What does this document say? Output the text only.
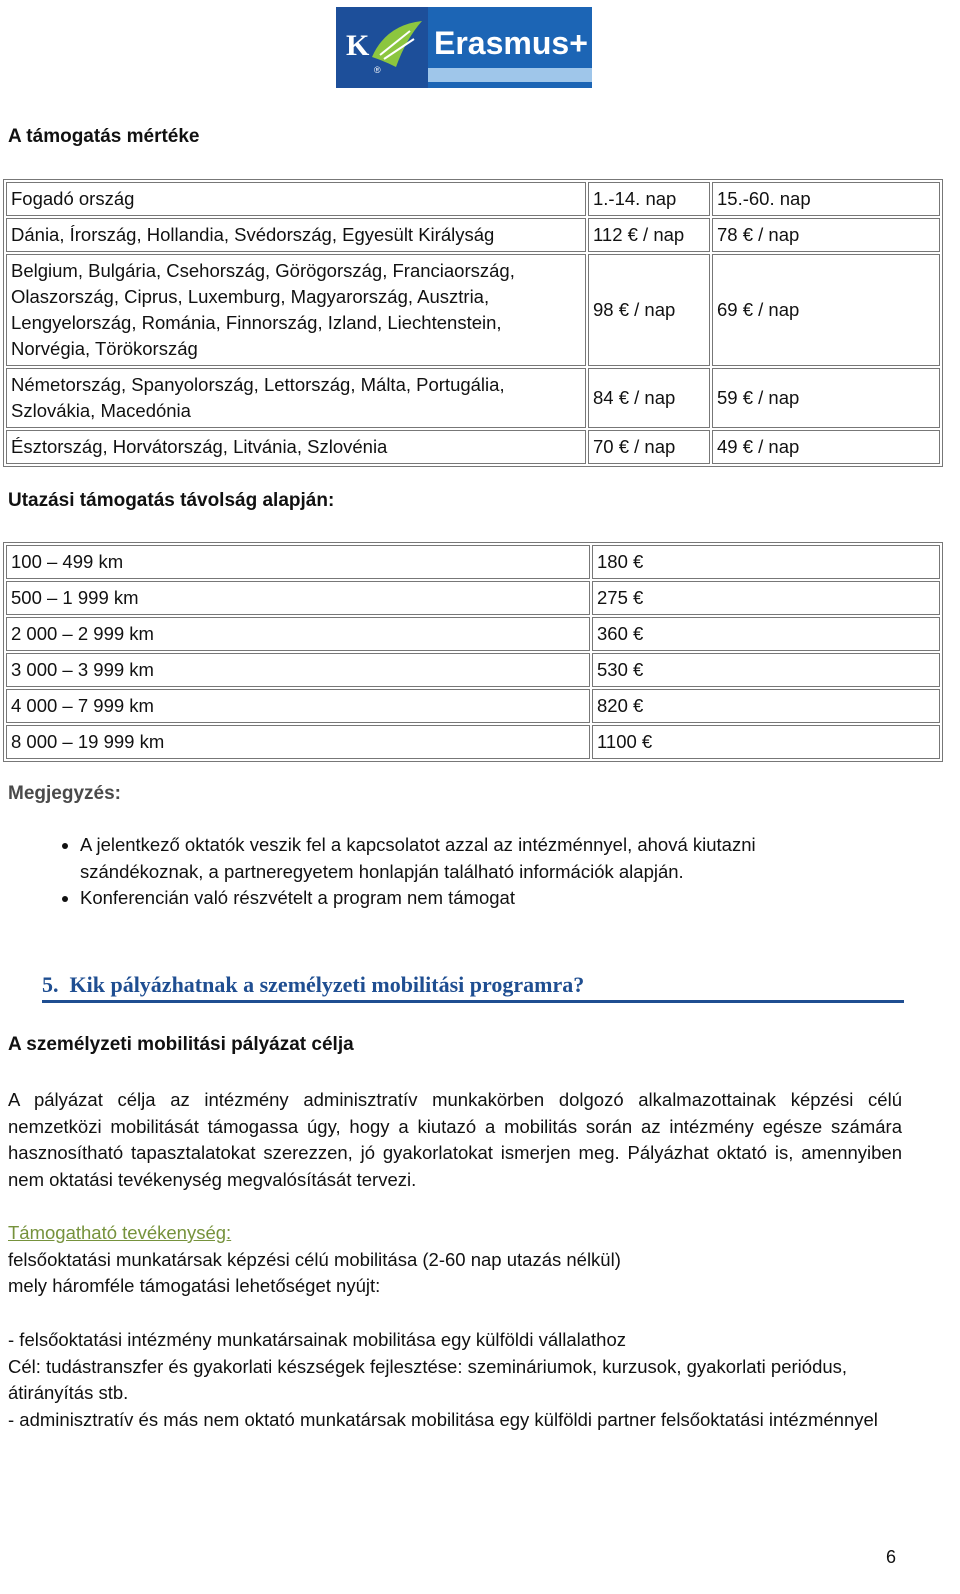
K
®
Erasmus+
A támogatás mértéke
Fogadó ország	1.-14. nap	15.-60. nap
Dánia, Írország, Hollandia, Svédország, Egyesült Királyság	112 € / nap	78 € / nap
Belgium, Bulgária, Csehország, Görögország, Franciaország, Olaszország, Ciprus, Luxemburg, Magyarország, Ausztria, Lengyelország, Románia, Finnország, Izland, Liechtenstein, Norvégia, Törökország	98 € / nap	69 € / nap
Németország, Spanyolország, Lettország, Málta, Portugália, Szlovákia, Macedónia	84 € / nap	59 € / nap
Észtország, Horvátország, Litvánia, Szlovénia	70 € / nap	49 € / nap
Utazási támogatás távolság alapján:
100 – 499 km	180 €
500 – 1 999 km	275 €
2 000 – 2 999 km	360 €
3 000 – 3 999 km	530 €
4 000 – 7 999 km	820 €
8 000 – 19 999 km	1100 €
Megjegyzés:
• A jelentkező oktatók veszik fel a kapcsolatot azzal az intézménnyel, ahová kiutazni szándékoznak, a partneregyetem honlapján található információk alapján.
• Konferencián való részvételt a program nem támogat
5. Kik pályázhatnak a személyzeti mobilitási programra?
A személyzeti mobilitási pályázat célja
A pályázat célja az intézmény adminisztratív munkakörben dolgozó alkalmazottainak képzési célú nemzetközi mobilitását támogassa úgy, hogy a kiutazó a mobilitás során az intézmény egésze számára hasznosítható tapasztalatokat szerezzen, jó gyakorlatokat ismerjen meg. Pályázhat oktató is, amennyiben nem oktatási tevékenység megvalósítását tervezi.
Támogatható tevékenység:
felsőoktatási munkatársak képzési célú mobilitása (2-60 nap utazás nélkül)
mely háromféle támogatási lehetőséget nyújt:
- felsőoktatási intézmény munkatársainak mobilitása egy külföldi vállalathoz
Cél: tudástranszfer és gyakorlati készségek fejlesztése: szemináriumok, kurzusok, gyakorlati periódus, átirányítás stb.
- adminisztratív és más nem oktató munkatársak mobilitása egy külföldi partner felsőoktatási intézménnyel
6
